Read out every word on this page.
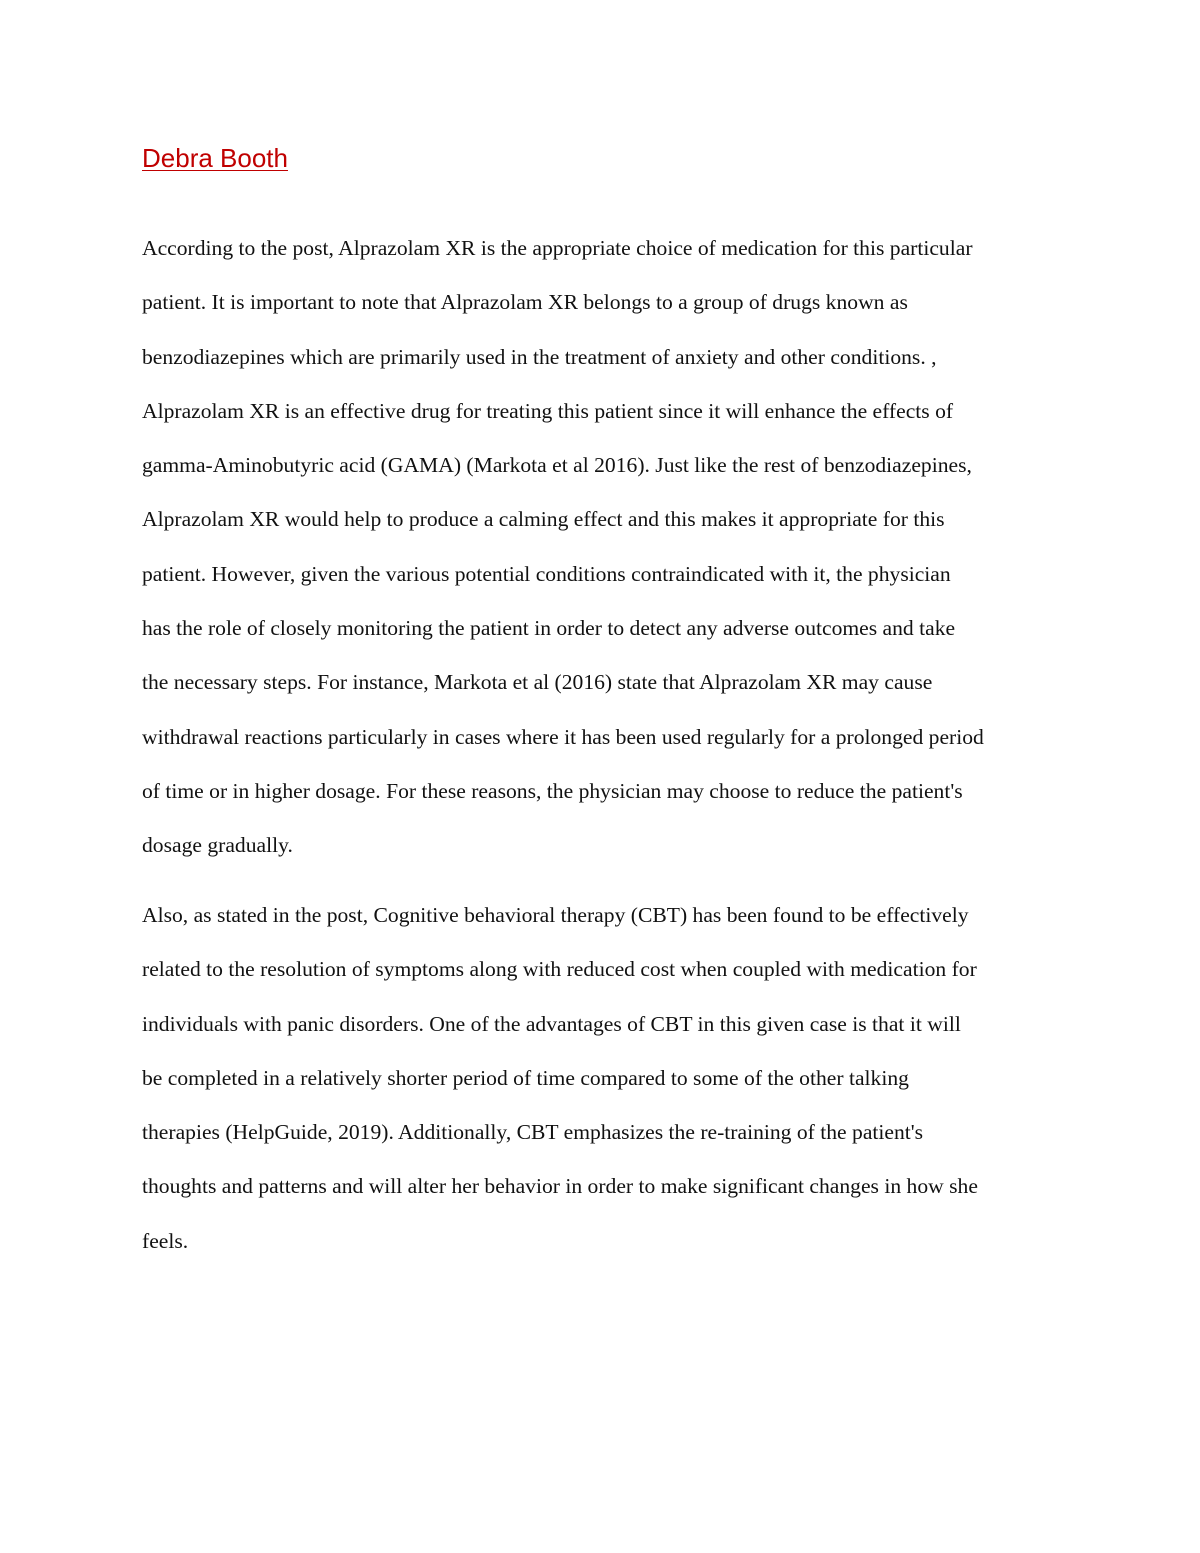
Debra Booth
According to the post, Alprazolam XR is the appropriate choice of medication for this particular
patient. It is important to note that Alprazolam XR belongs to a group of drugs known as
benzodiazepines which are primarily used in the treatment of anxiety and other conditions. ,
Alprazolam XR is an effective drug for treating this patient since it will enhance the effects of
gamma-Aminobutyric acid (GAMA) (Markota et al 2016). Just like the rest of benzodiazepines,
Alprazolam XR would help to produce a calming effect and this makes it appropriate for this
patient. However, given the various potential conditions contraindicated with it, the physician
has the role of closely monitoring the patient in order to detect any adverse outcomes and take
the necessary steps. For instance, Markota et al (2016) state that Alprazolam XR may cause
withdrawal reactions particularly in cases where it has been used regularly for a prolonged period
of time or in higher dosage. For these reasons, the physician may choose to reduce the patient's
dosage gradually.
Also, as stated in the post, Cognitive behavioral therapy (CBT) has been found to be effectively
related to the resolution of symptoms along with reduced cost when coupled with medication for
individuals with panic disorders. One of the advantages of CBT in this given case is that it will
be completed in a relatively shorter period of time compared to some of the other talking
therapies (HelpGuide, 2019). Additionally, CBT emphasizes the re-training of the patient's
thoughts and patterns and will alter her behavior in order to make significant changes in how she
feels.
